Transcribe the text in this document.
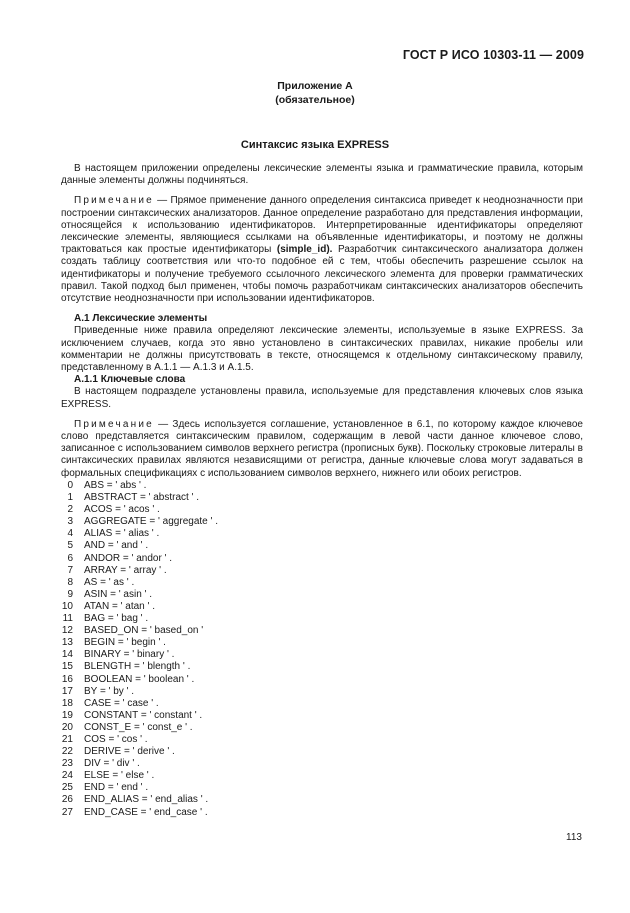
ГОСТ Р ИСО 10303-11 — 2009
Приложение А
(обязательное)
Синтаксис языка EXPRESS

В настоящем приложении определены лексические элементы языка и грамматические правила, которым данные элементы должны подчиняться.

Примечание — Прямое применение данного определения синтаксиса приведет к неоднозначности при построении синтаксических анализаторов. Данное определение разработано для представления информации, относящейся к использованию идентификаторов. Интерпретированные идентификаторы определяют лексические элементы, являющиеся ссылками на объявленные идентификаторы, и поэтому не должны трактоваться как простые идентификаторы (simple_id). Разработчик синтаксического анализатора должен создать таблицу соответствия или что-то подобное ей с тем, чтобы обеспечить разрешение ссылок на идентификаторы и получение требуемого ссылочного лексического элемента для проверки грамматических правил. Такой подход был применен, чтобы помочь разработчикам синтаксических анализаторов обеспечить отсутствие неоднозначности при использовании идентификаторов.

А.1 Лексические элементы

Приведенные ниже правила определяют лексические элементы, используемые в языке EXPRESS. За исключением случаев, когда это явно установлено в синтаксических правилах, никакие пробелы или комментарии не должны присутствовать в тексте, относящемся к отдельному синтаксическому правилу, представленному в А.1.1 — А.1.3 и А.1.5.

А.1.1 Ключевые слова

В настоящем подразделе установлены правила, используемые для представления ключевых слов языка EXPRESS.

Примечание — Здесь используется соглашение, установленное в 6.1, по которому каждое ключевое слово представляется синтаксическим правилом, содержащим в левой части данное ключевое слово, записанное с использованием символов верхнего регистра (прописных букв). Поскольку строковые литералы в синтаксических правилах являются независящими от регистра, данные ключевые слова могут задаваться в формальных спецификациях с использованием символов верхнего, нижнего или обоих регистров.

0 ABS = ' abs ' .
1 ABSTRACT = ' abstract ' .
2 ACOS = ' acos ' .
3 AGGREGATE = ' aggregate ' .
4 ALIAS = ' alias ' .
5 AND = ' and ' .
6 ANDOR = ' andor ' .
7 ARRAY = ' array ' .
8 AS = ' as ' .
9 ASIN = ' asin ' .
10 ATAN = ' atan ' .
11 BAG = ' bag ' .
12 BASED_ON = ' based_on '
13 BEGIN = ' begin ' .
14 BINARY = ' binary ' .
15 BLENGTH = ' blength ' .
16 BOOLEAN = ' boolean ' .
17 BY = ' by ' .
18 CASE = ' case ' .
19 CONSTANT = ' constant ' .
20 CONST_E = ' const_e ' .
21 COS = ' cos ' .
22 DERIVE = ' derive ' .
23 DIV = ' div ' .
24 ELSE = ' else ' .
25 END = ' end ' .
26 END_ALIAS = ' end_alias ' .
27 END_CASE = ' end_case ' .
113
